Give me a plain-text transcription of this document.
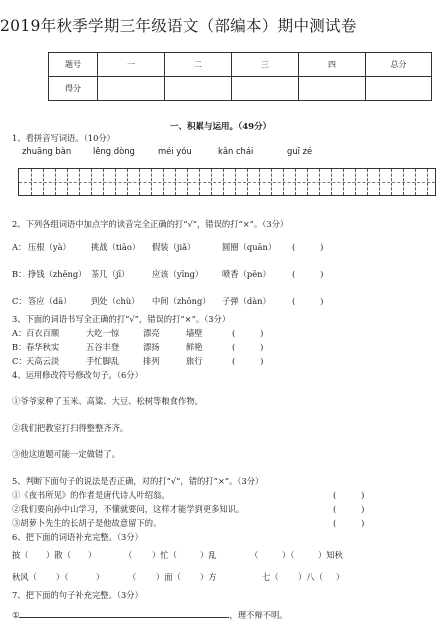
2019年秋季学期三年级语文（部编本）期中测试卷
题号	一	二	三	四	总分
得分					
一、积累与运用。（49分）
1、看拼音写词语。（10分）
zhuāng bàn	lěng dòng	méi yóu	kǎn chái	guī zé
2、下列各组词语中加点字的读音完全正确的打“√”，错误的打“×”。（3分）
A： 压根（yà） 挑战（tiāo） 假装（jiǎ）	圆圈（quān） (　　　)
B： 挣钱（zhēng） 茶几（jī）	应该（yīng） 喷香（pēn）	(　　　)
C： 答应（dā） 到处（chù） 中间（zhōng） 子弹（dàn）	(　　　)
3、下面的词语书写全正确的打“√”，错误的打“×”。（3分）
A： 百衣百顺	大吃一惊	漂亮	墙壁	(　　　)
B： 春华秋实	五谷丰登	漂扬	鲜艳	(　　　)
C： 天高云淡	手忙脚乱	排列	旅行	(　　　)
4、运用修改符号修改句子。（6分）
①爷爷家种了玉米、高粱、大豆、松树等粮食作物。
②我们把教室打扫得整整齐齐。
③他这道题可能一定做错了。
5、判断下面句子的说法是否正确，对的打“√”，错的打“×”。（3分）
①《夜书所见》的作者是唐代诗人叶绍翁。	(　　　)
②我们要向孙中山学习，不懂就要问，这样才能学到更多知识。	(　　　)
③胡萝卜先生的长胡子是他故意留下的。	(　　　)
6、把下面的词语补充完整。（3分）
披（ ）散（ ）	（ ）忙（	）乱	（	）（	）知秋
秋风（ ）（	）	（ ）面（ ）方	七（ ）八（ ）
7、把下面的句子补充完整。（3分）
①	，理不辩不明。
